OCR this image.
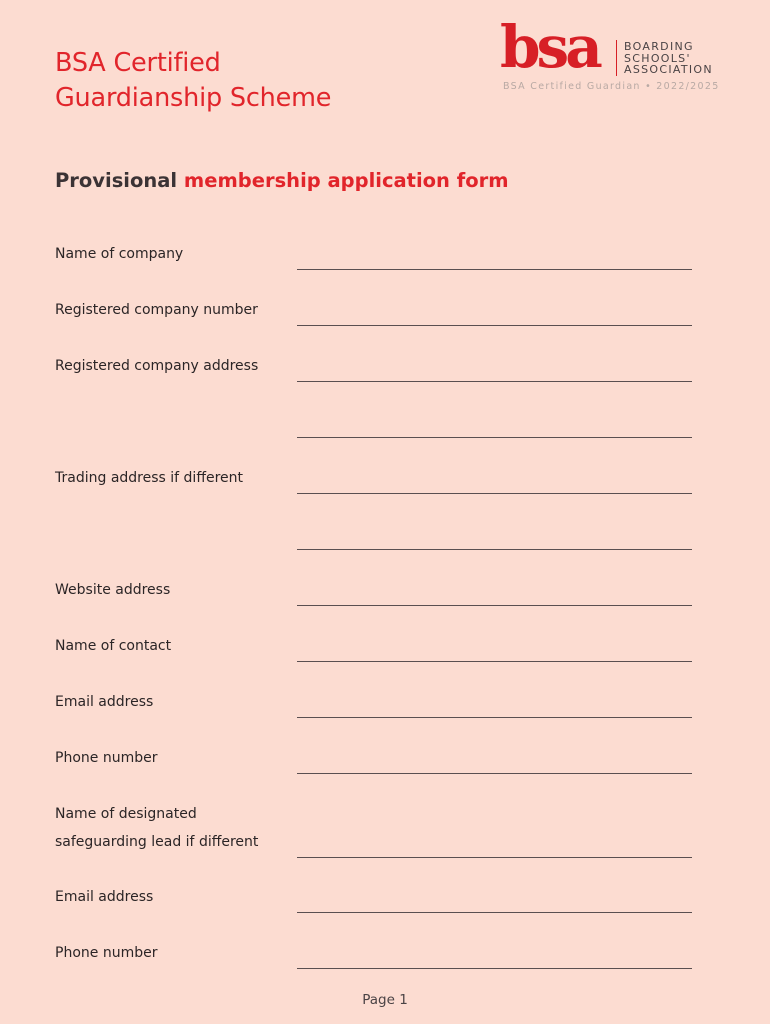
BSA Certified
Guardianship Scheme
bsa BOARDING
SCHOOLS'
ASSOCIATION
BSA Certified Guardian • 2022/2025
Provisional membership application form
Name of company
Registered company number
Registered company address
Trading address if different
Website address
Name of contact
Email address
Phone number
Name of designated
safeguarding lead if different
Email address
Phone number
Page 1
